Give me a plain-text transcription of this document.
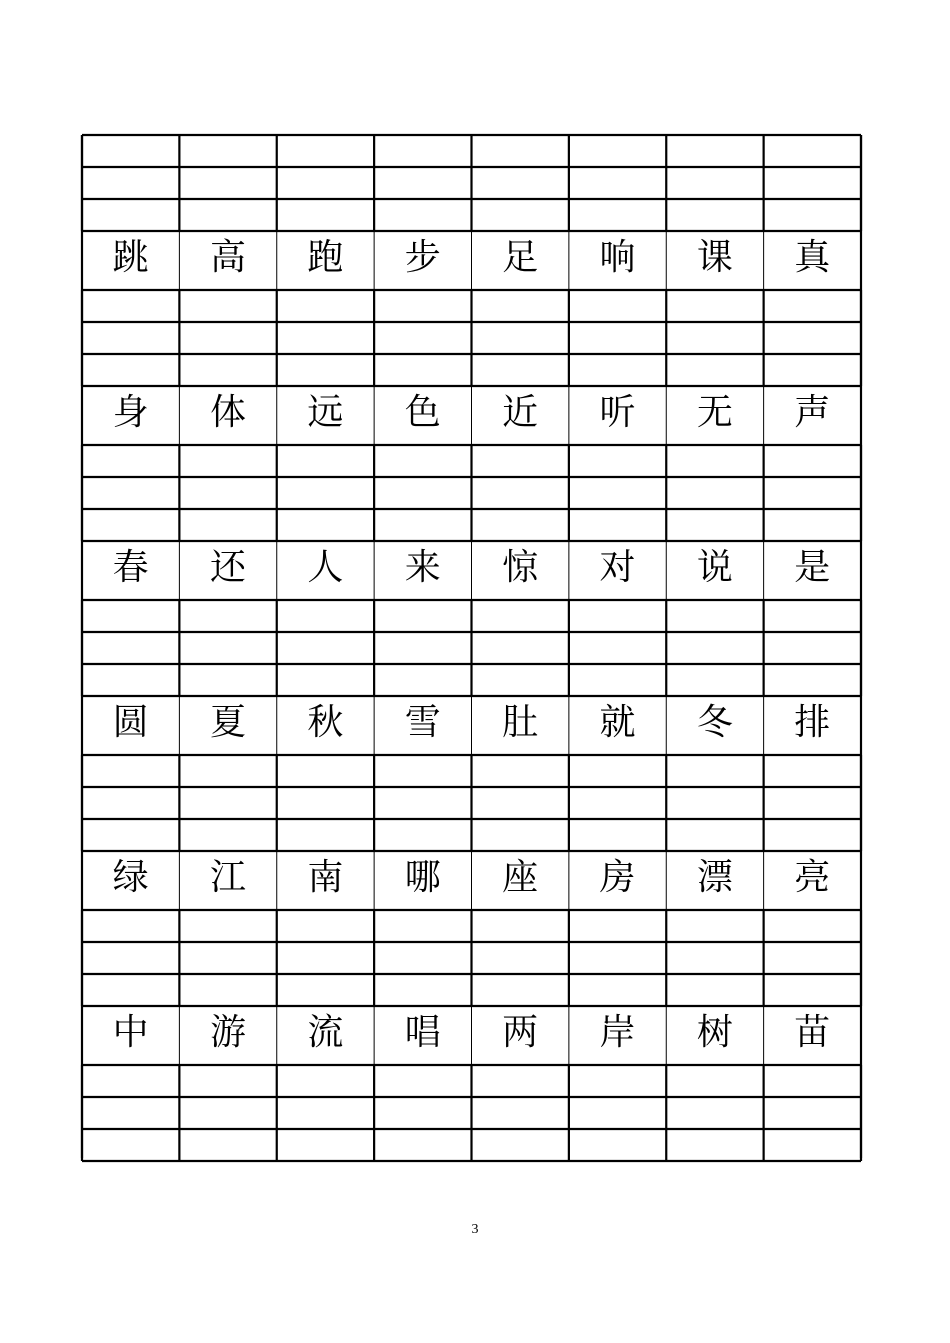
跳	高	跑	步	足	响	课	真
身	体	远	色	近	听	无	声
春	还	人	来	惊	对	说	是
圆	夏	秋	雪	肚	就	冬	排
绿	江	南	哪	座	房	漂	亮
中	游	流	唱	两	岸	树	苗
3
